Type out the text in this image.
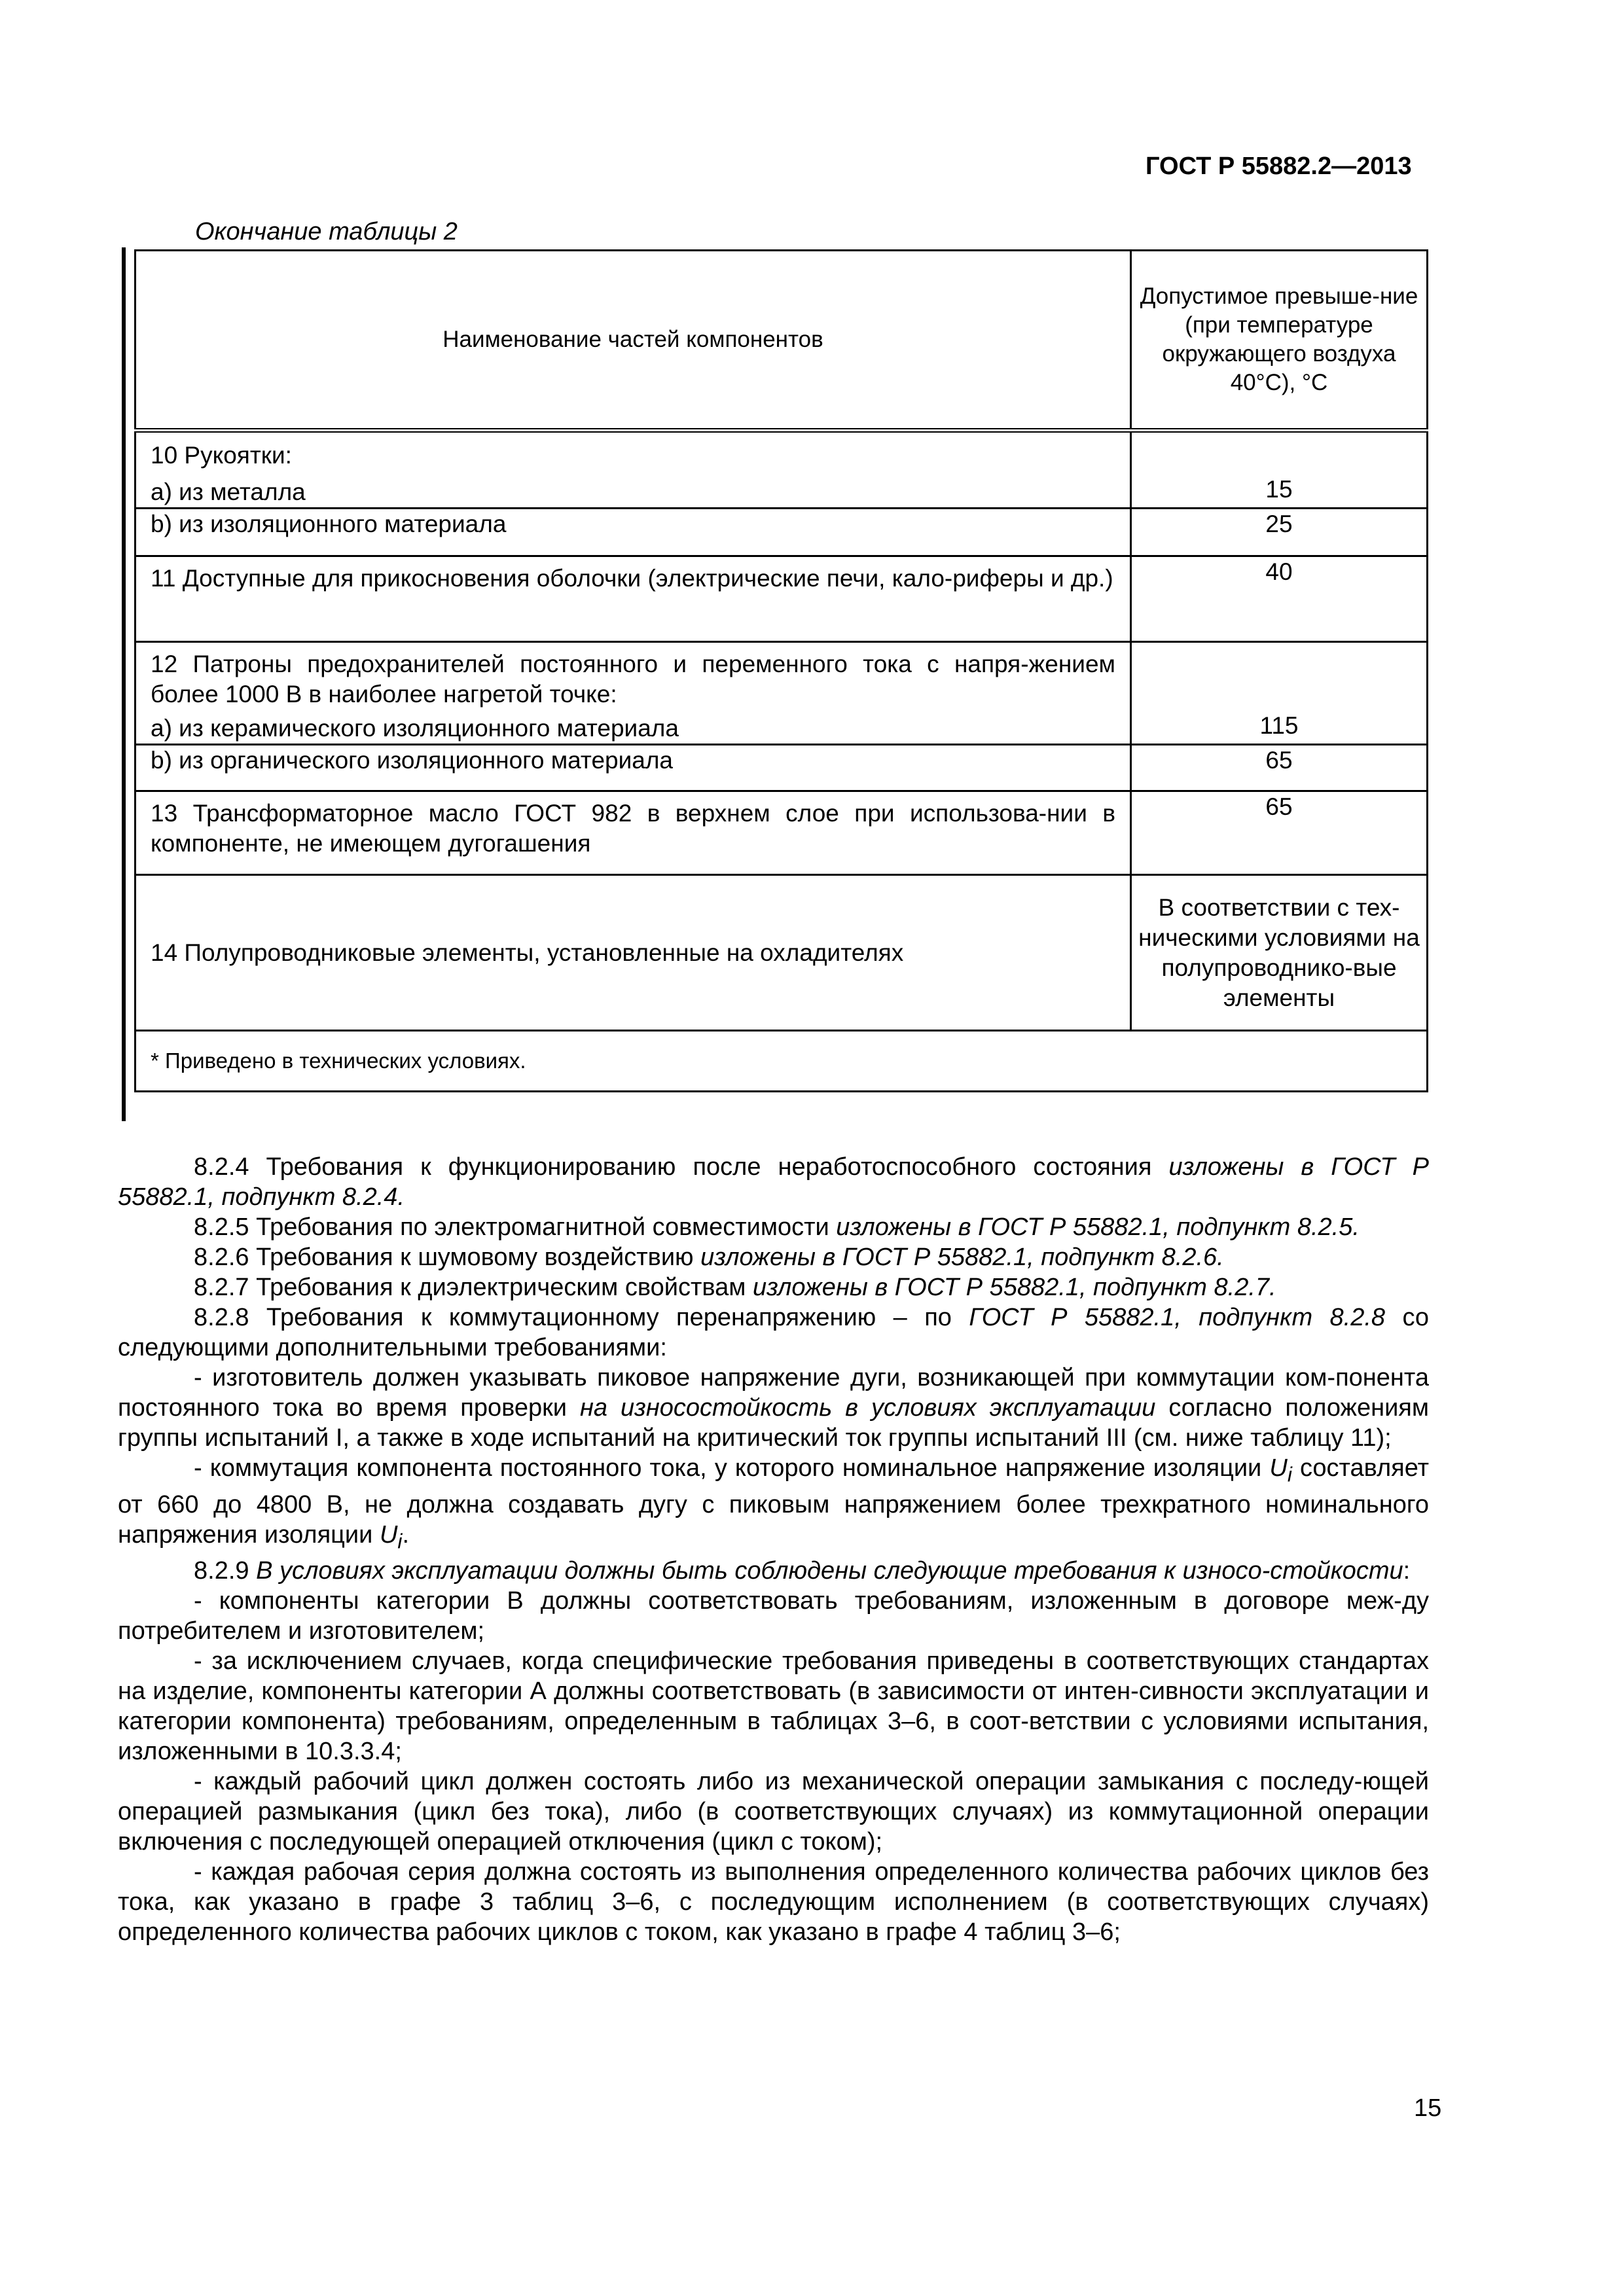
ГОСТ Р 55882.2—2013
Окончание таблицы 2
Наименование частей компонентов	Допустимое превыше-ние (при температуре окружающего воздуха 40°С), °С

10 Рукоятки:
а) из металла	15
b) из изоляционного материала	25
11 Доступные для прикосновения оболочки (электрические печи, кало-риферы и др.)	40

12 Патроны предохранителей постоянного и переменного тока с напря-жением более 1000 В в наиболее нагретой точке:
а) из керамического изоляционного материала	115
b) из органического изоляционного материала	65
13 Трансформаторное масло ГОСТ 982 в верхнем слое при использова-нии в компоненте, не имеющем дугогашения	65
14 Полупроводниковые элементы, установленные на охладителях	В соответствии с тех-ническими условиями на полупроводнико-вые элементы
* Приведено в технических условиях.	

8.2.4 Требования к функционированию после неработоспособного состояния изложены в ГОСТ Р 55882.1, подпункт 8.2.4.

8.2.5 Требования по электромагнитной совместимости изложены в ГОСТ Р 55882.1, подпункт 8.2.5.

8.2.6 Требования к шумовому воздействию изложены в ГОСТ Р 55882.1, подпункт 8.2.6.

8.2.7 Требования к диэлектрическим свойствам изложены в ГОСТ Р 55882.1, подпункт 8.2.7.

8.2.8 Требования к коммутационному перенапряжению – по ГОСТ Р 55882.1, подпункт 8.2.8 со следующими дополнительными требованиями:

- изготовитель должен указывать пиковое напряжение дуги, возникающей при коммутации ком-понента постоянного тока во время проверки на износостойкость в условиях эксплуатации согласно положениям группы испытаний I, а также в ходе испытаний на критический ток группы испытаний III (см. ниже таблицу 11);

- коммутация компонента постоянного тока, у которого номинальное напряжение изоляции $U_i$ составляет от 660 до 4800 В, не должна создавать дугу с пиковым напряжением более трехкратного номинального напряжения изоляции $U_i$.

8.2.9 В условиях эксплуатации должны быть соблюдены следующие требования к износо-стойкости:

- компоненты категории В должны соответствовать требованиям, изложенным в договоре меж-ду потребителем и изготовителем;

- за исключением случаев, когда специфические требования приведены в соответствующих стандартах на изделие, компоненты категории А должны соответствовать (в зависимости от интен-сивности эксплуатации и категории компонента) требованиям, определенным в таблицах 3–6, в соот-ветствии с условиями испытания, изложенными в 10.3.3.4;

- каждый рабочий цикл должен состоять либо из механической операции замыкания с последу-ющей операцией размыкания (цикл без тока), либо (в соответствующих случаях) из коммутационной операции включения с последующей операцией отключения (цикл с током);

- каждая рабочая серия должна состоять из выполнения определенного количества рабочих циклов без тока, как указано в графе 3 таблиц 3–6, с последующим исполнением (в соответствующих случаях) определенного количества рабочих циклов с током, как указано в графе 4 таблиц 3–6;

15
